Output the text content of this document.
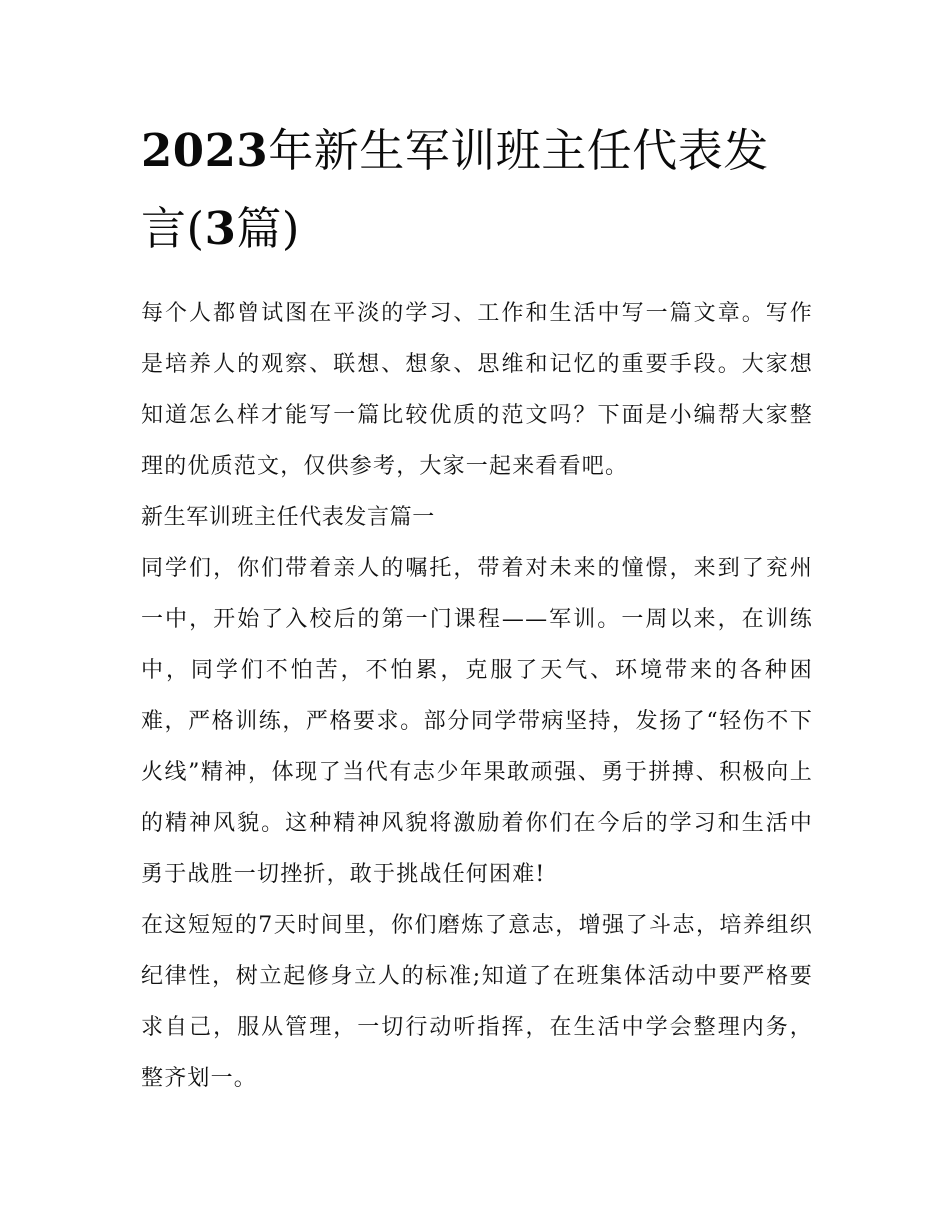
2023年新生军训班主任代表发言(3篇)

每个人都曾试图在平淡的学习、工作和生活中写一篇文章。写作是培养人的观察、联想、想象、思维和记忆的重要手段。大家想知道怎么样才能写一篇比较优质的范文吗？下面是小编帮大家整理的优质范文，仅供参考，大家一起来看看吧。

新生军训班主任代表发言篇一

同学们，你们带着亲人的嘱托，带着对未来的憧憬，来到了兖州一中，开始了入校后的第一门课程——军训。一周以来，在训练中，同学们不怕苦，不怕累，克服了天气、环境带来的各种困难，严格训练，严格要求。部分同学带病坚持，发扬了“轻伤不下火线”精神，体现了当代有志少年果敢顽强、勇于拼搏、积极向上的精神风貌。这种精神风貌将激励着你们在今后的学习和生活中勇于战胜一切挫折，敢于挑战任何困难!

在这短短的7天时间里，你们磨炼了意志，增强了斗志，培养组织纪律性，树立起修身立人的标准;知道了在班集体活动中要严格要求自己，服从管理，一切行动听指挥，在生活中学会整理内务，整齐划一。
